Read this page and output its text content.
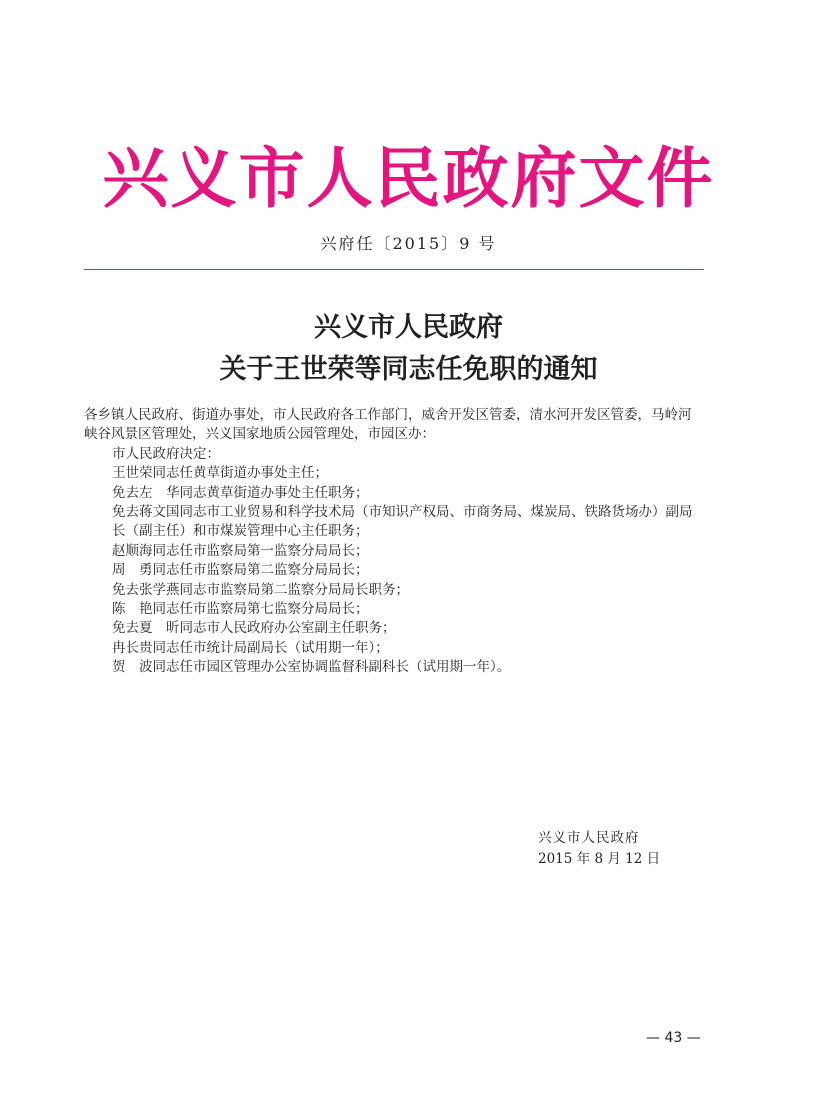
兴义市人民政府文件
兴府任〔2015〕9 号
兴义市人民政府
关于王世荣等同志任免职的通知

各乡镇人民政府、街道办事处，市人民政府各工作部门，威舍开发区管委，清水河开发区管委，马岭河峡谷风景区管理处，兴义国家地质公园管理处，市园区办：

市人民政府决定：

王世荣同志任黄草街道办事处主任；

免去左　华同志黄草街道办事处主任职务；

免去蒋文国同志市工业贸易和科学技术局（市知识产权局、市商务局、煤炭局、铁路货场办）副局长（副主任）和市煤炭管理中心主任职务；

赵顺海同志任市监察局第一监察分局局长；

周　勇同志任市监察局第二监察分局局长；

免去张学燕同志市监察局第二监察分局局长职务；

陈　艳同志任市监察局第七监察分局局长；

免去夏　昕同志市人民政府办公室副主任职务；

冉长贵同志任市统计局副局长（试用期一年）；

贺　波同志任市园区管理办公室协调监督科副科长（试用期一年）。

兴义市人民政府
2015 年 8 月 12 日
— 43 —
